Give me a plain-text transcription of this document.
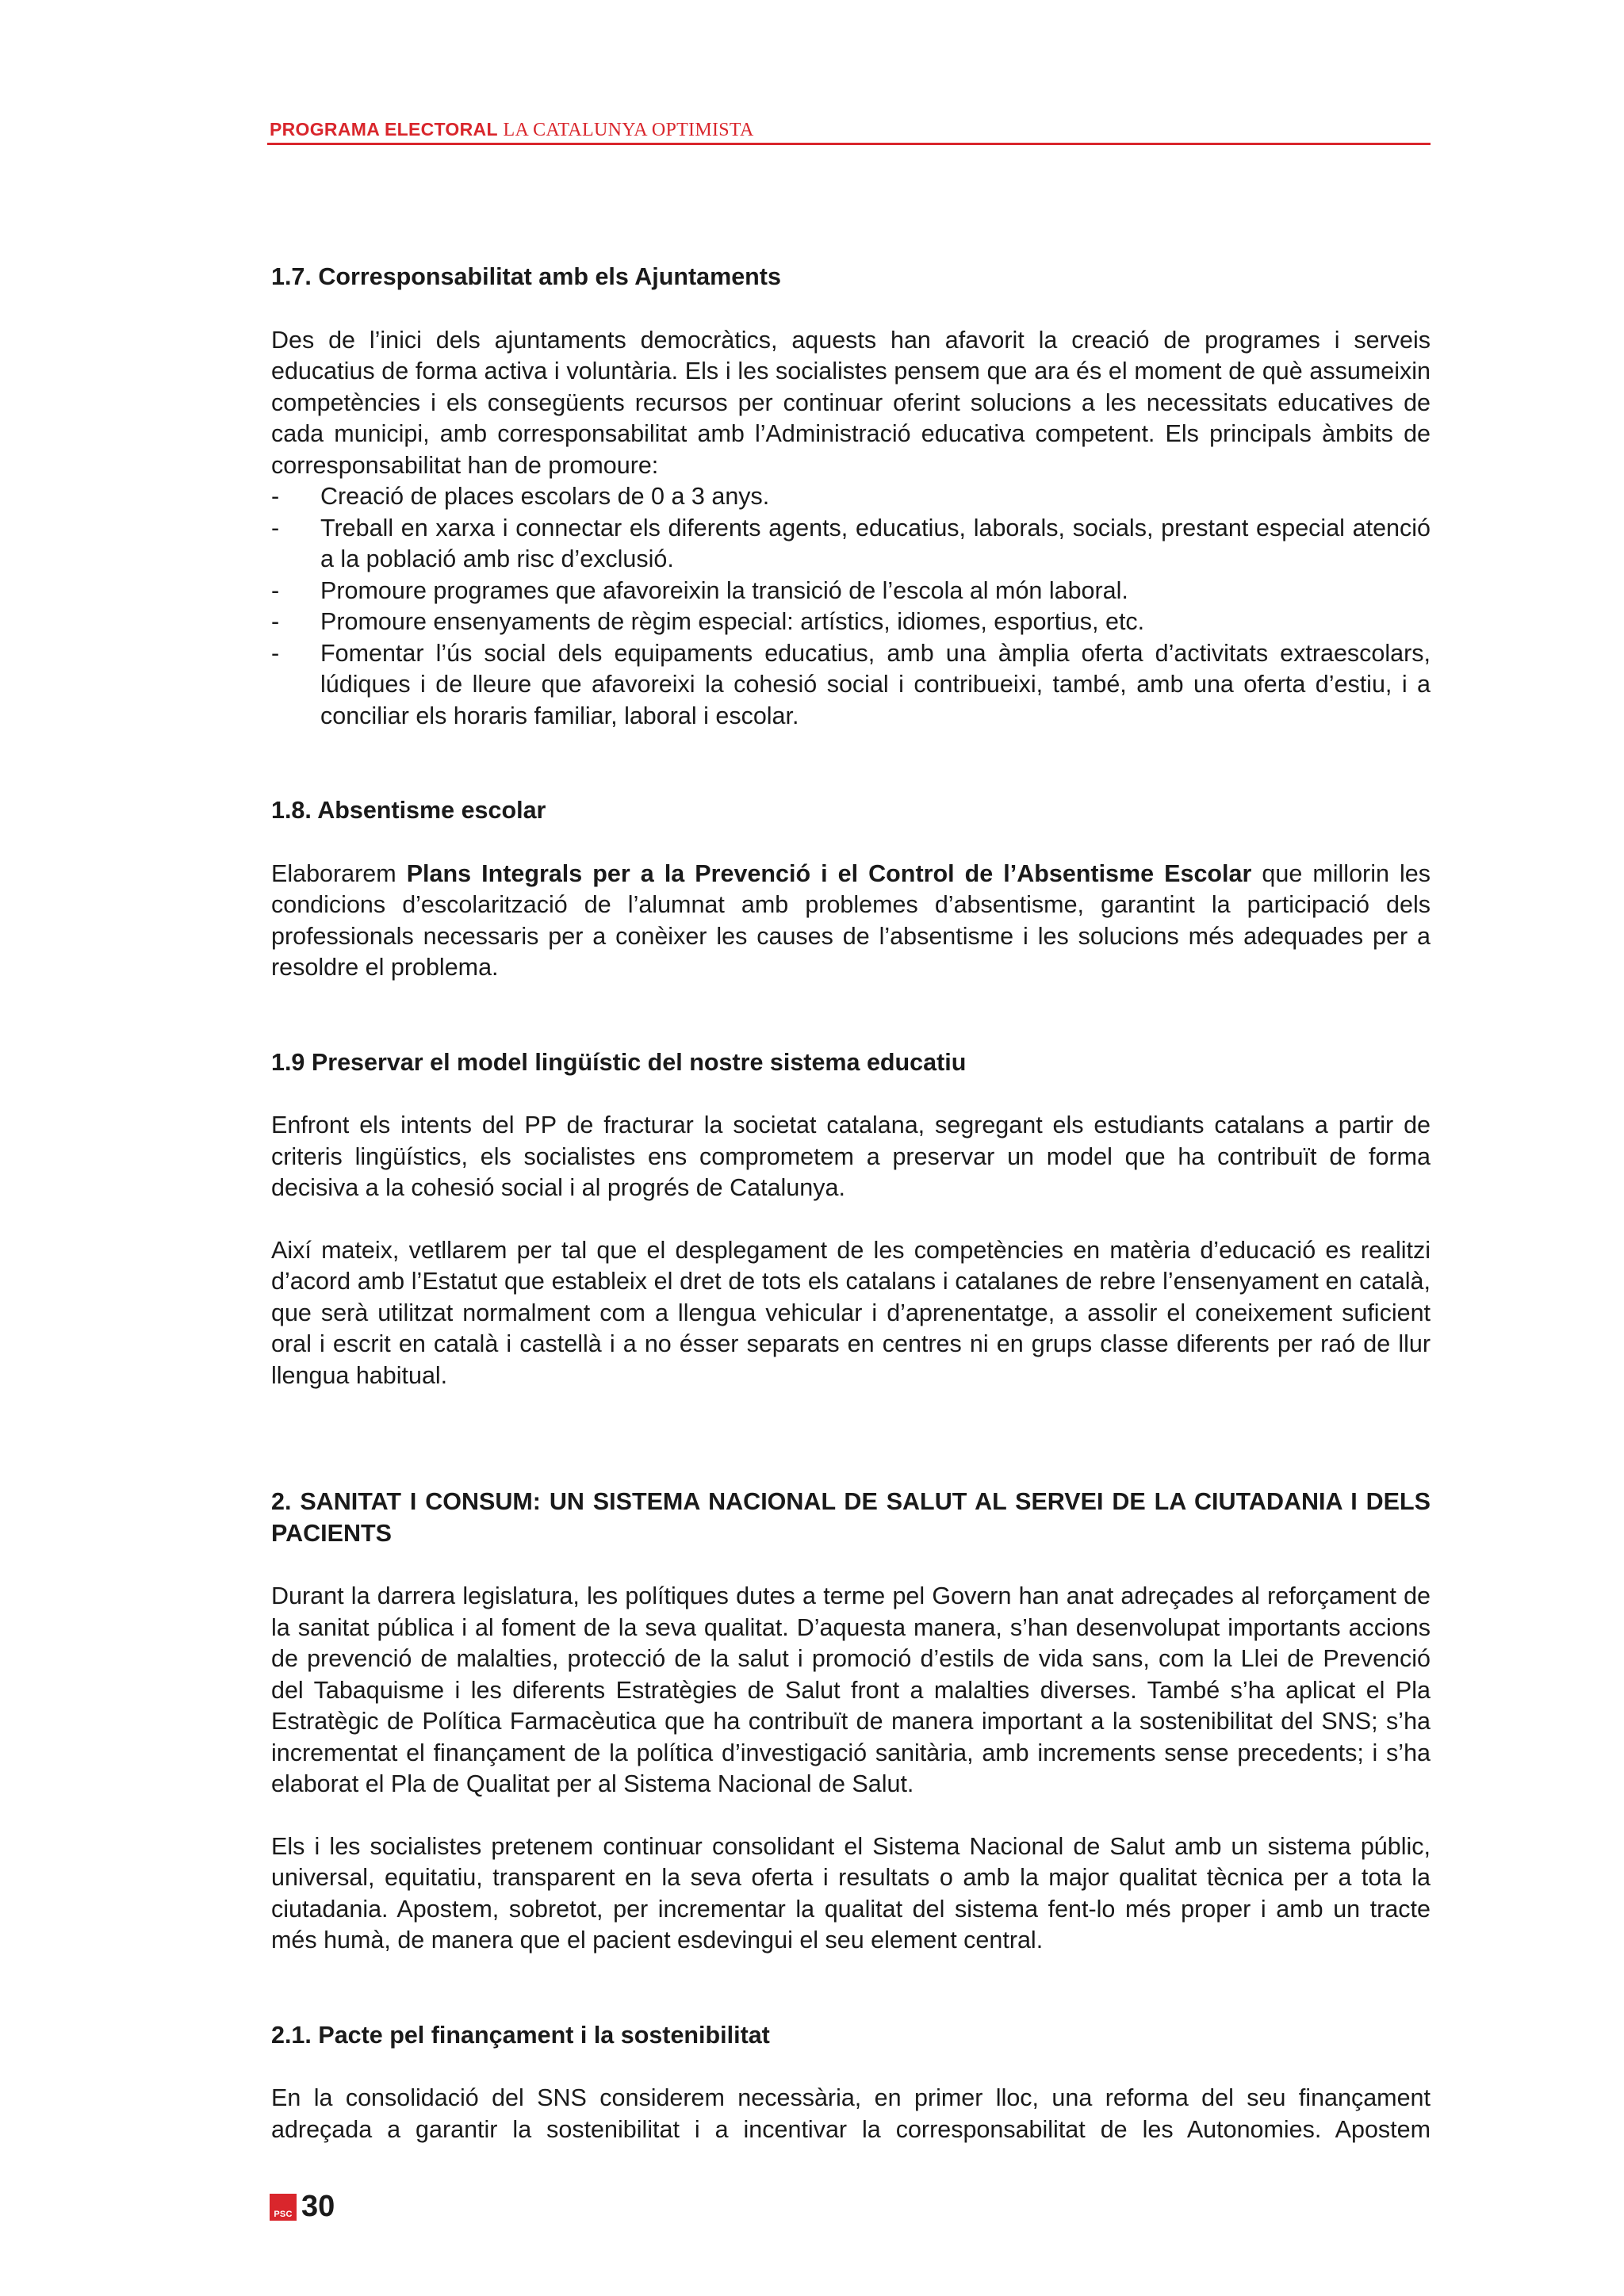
PROGRAMA ELECTORAL LA CATALUNYA OPTIMISTA
1.7. Corresponsabilitat amb els Ajuntaments

Des de l’inici dels ajuntaments democràtics, aquests han afavorit la creació de programes i serveis educatius de forma activa i voluntària. Els i les socialistes pensem que ara és el moment de què assumeixin competències i els consegüents recursos per continuar oferint solucions a les necessitats educatives de cada municipi, amb corresponsabilitat amb l’Administració educativa competent. Els principals àmbits de corresponsabilitat han de promoure:

- Creació de places escolars de 0 a 3 anys.
- Treball en xarxa i connectar els diferents agents, educatius, laborals, socials, prestant especial atenció a la població amb risc d’exclusió.
- Promoure programes que afavoreixin la transició de l’escola al món laboral.
- Promoure ensenyaments de règim especial: artístics, idiomes, esportius, etc.
- Fomentar l’ús social dels equipaments educatius, amb una àmplia oferta d’activitats extraescolars, lúdiques i de lleure que afavoreixi la cohesió social i contribueixi, també, amb una oferta d’estiu, i a conciliar els horaris familiar, laboral i escolar.
1.8. Absentisme escolar

Elaborarem Plans Integrals per a la Prevenció i el Control de l’Absentisme Escolar que millorin les condicions d’escolarització de l’alumnat amb problemes d’absentisme, garantint la participació dels professionals necessaris per a conèixer les causes de l’absentisme i les solucions més adequades per a resoldre el problema.

1.9 Preservar el model lingüístic del nostre sistema educatiu

Enfront els intents del PP de fracturar la societat catalana, segregant els estudiants catalans a partir de criteris lingüístics, els socialistes ens comprometem a preservar un model que ha contribuït de forma decisiva a la cohesió social i al progrés de Catalunya.

Així mateix, vetllarem per tal que el desplegament de les competències en matèria d’educació es realitzi d’acord amb l’Estatut que estableix el dret de tots els catalans i catalanes de rebre l’ensenyament en català, que serà utilitzat normalment com a llengua vehicular i d’aprenentatge, a assolir el coneixement suficient oral i escrit en català i castellà i a no ésser separats en centres ni en grups classe diferents per raó de llur llengua habitual.

2. SANITAT I CONSUM: UN SISTEMA NACIONAL DE SALUT AL SERVEI DE LA CIUTADANIA I DELS PACIENTS

Durant la darrera legislatura, les polítiques dutes a terme pel Govern han anat adreçades al reforçament de la sanitat pública i al foment de la seva qualitat. D’aquesta manera, s’han desenvolupat importants accions de prevenció de malalties, protecció de la salut i promoció d’estils de vida sans, com la Llei de Prevenció del Tabaquisme i les diferents Estratègies de Salut front a malalties diverses. També s’ha aplicat el Pla Estratègic de Política Farmacèutica que ha contribuït de manera important a la sostenibilitat del SNS; s’ha incrementat el finançament de la política d’investigació sanitària, amb increments sense precedents; i s’ha elaborat el Pla de Qualitat per al Sistema Nacional de Salut.

Els i les socialistes pretenem continuar consolidant el Sistema Nacional de Salut amb un sistema públic, universal, equitatiu, transparent en la seva oferta i resultats o amb la major qualitat tècnica per a tota la ciutadania. Apostem, sobretot, per incrementar la qualitat del sistema fent-lo més proper i amb un tracte més humà, de manera que el pacient esdevingui el seu element central.

2.1. Pacte pel finançament i la sostenibilitat

En la consolidació del SNS considerem necessària, en primer lloc, una reforma del seu finançament adreçada a garantir la sostenibilitat i a incentivar la corresponsabilitat de les Autonomies. Apostem

PSC 30
